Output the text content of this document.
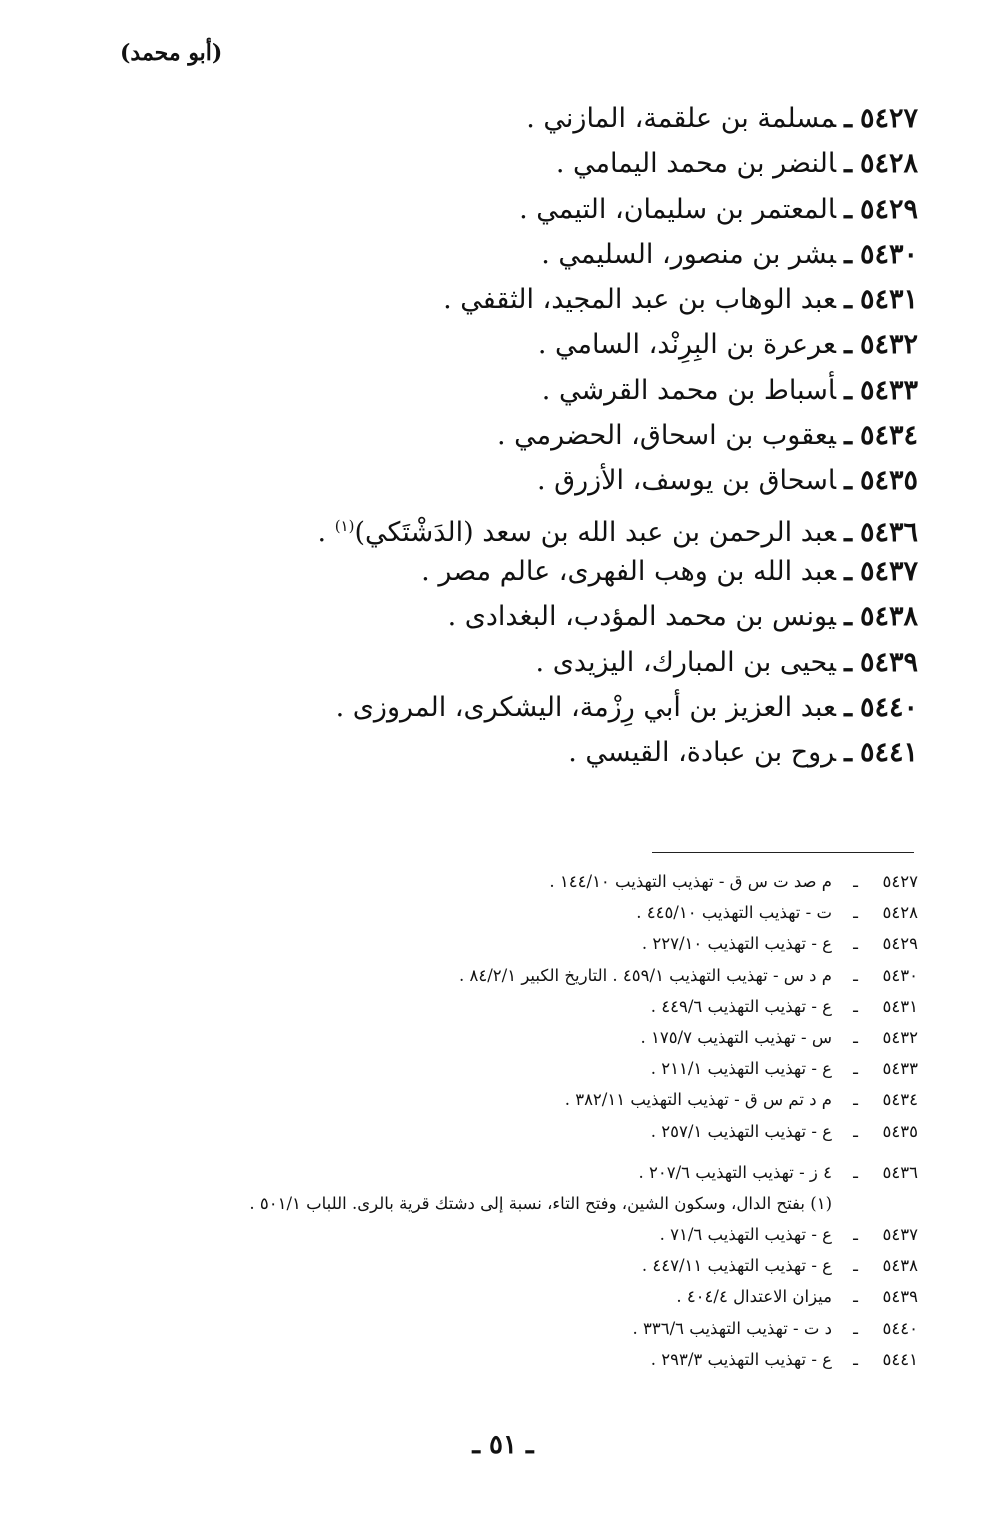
(أبو محمد)
٥٤٢٧ـمسلمة بن علقمة، المازني .
٥٤٢٨ـالنضر بن محمد اليمامي .
٥٤٢٩ـالمعتمر بن سليمان، التيمي .
٥٤٣٠ـبشر بن منصور، السليمي .
٥٤٣١ـعبد الوهاب بن عبد المجيد، الثقفي .
٥٤٣٢ـعرعرة بن البِرِنْد، السامي .
٥٤٣٣ـأسباط بن محمد القرشي .
٥٤٣٤ـيعقوب بن اسحاق، الحضرمي .
٥٤٣٥ـاسحاق بن يوسف، الأزرق .
٥٤٣٦ـعبد الرحمن بن عبد الله بن سعد (الدَشْتَكي)$^{(١)}$ .
٥٤٣٧ـعبد الله بن وهب الفهرى، عالم مصر .
٥٤٣٨ـيونس بن محمد المؤدب، البغدادى .
٥٤٣٩ـيحيى بن المبارك، اليزيدى .
٥٤٤٠ـعبد العزيز بن أبي رِزْمة، اليشكرى، المروزى .
٥٤٤١ـروح بن عبادة، القيسي .
٥٤٢٧ـم صد ت س ق - تهذيب التهذيب ١٤٤/١٠ .
٥٤٢٨ـت - تهذيب التهذيب ٤٤٥/١٠ .
٥٤٢٩ـع - تهذيب التهذيب ٢٢٧/١٠ .
٥٤٣٠ـم د س - تهذيب التهذيب ٤٥٩/١ . التاريخ الكبير ٨٤/٢/١ .
٥٤٣١ـع - تهذيب التهذيب ٤٤٩/٦ .
٥٤٣٢ـس - تهذيب التهذيب ١٧٥/٧ .
٥٤٣٣ـع - تهذيب التهذيب ٢١١/١ .
٥٤٣٤ـم د تم س ق - تهذيب التهذيب ٣٨٢/١١ .
٥٤٣٥ـع - تهذيب التهذيب ٢٥٧/١ .
٥٤٣٦ـ٤ ز - تهذيب التهذيب ٢٠٧/٦ .
(١) بفتح الدال، وسكون الشين، وفتح التاء، نسبة إلى دشتك قرية بالرى. اللباب ٥٠١/١ .
٥٤٣٧ـع - تهذيب التهذيب ٧١/٦ .
٥٤٣٨ـع - تهذيب التهذيب ٤٤٧/١١ .
٥٤٣٩ـميزان الاعتدال ٤٠٤/٤ .
٥٤٤٠ـد ت - تهذيب التهذيب ٣٣٦/٦ .
٥٤٤١ـع - تهذيب التهذيب ٢٩٣/٣ .
ـ ٥١ ـ
